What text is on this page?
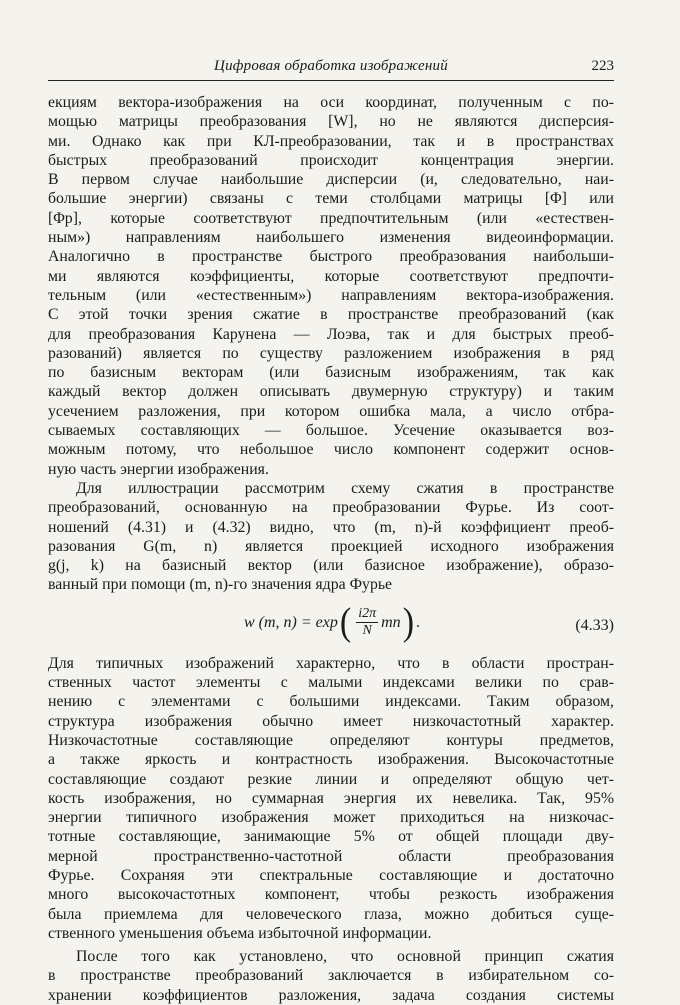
Цифровая обработка изображений	223
екциям вектора-изображения на оси координат, полученным с по-
мощью матрицы преобразования [W], но не являются дисперсия-
ми. Однако как при КЛ-преобразовании, так и в пространствах
быстрых преобразований происходит концентрация энергии.
В первом случае наибольшие дисперсии (и, следовательно, наи-
большие энергии) связаны с теми столбцами матрицы [Φ] или
[Φp], которые соответствуют предпочтительным (или «естествен-
ным») направлениям наибольшего изменения видеоинформации.
Аналогично в пространстве быстрого преобразования наибольши-
ми являются коэффициенты, которые соответствуют предпочти-
тельным (или «естественным») направлениям вектора-изображения.
С этой точки зрения сжатие в пространстве преобразований (как
для преобразования Карунена — Лоэва, так и для быстрых преоб-
разований) является по существу разложением изображения в ряд
по базисным векторам (или базисным изображениям, так как
каждый вектор должен описывать двумерную структуру) и таким
усечением разложения, при котором ошибка мала, а число отбра-
сываемых составляющих — большое. Усечение оказывается воз-
можным потому, что небольшое число компонент содержит основ-
ную часть энергии изображения.
Для иллюстрации рассмотрим схему сжатия в пространстве
преобразований, основанную на преобразовании Фурье. Из соот-
ношений (4.31) и (4.32) видно, что (m, n)-й коэффициент преоб-
разования G(m, n) является проекцией исходного изображения
g(j, k) на базисный вектор (или базисное изображение), образо-
ванный при помощи (m, n)-го значения ядра Фурье
w (m, n) = exp ( $\frac{i2\pi}{N}$ mn ) .	(4.33)
Для типичных изображений характерно, что в области простран-
ственных частот элементы с малыми индексами велики по срав-
нению с элементами с большими индексами. Таким образом,
структура изображения обычно имеет низкочастотный характер.
Низкочастотные составляющие определяют контуры предметов,
а также яркость и контрастность изображения. Высокочастотные
составляющие создают резкие линии и определяют общую чет-
кость изображения, но суммарная энергия их невелика. Так, 95%
энергии типичного изображения может приходиться на низкочас-
тотные составляющие, занимающие 5% от общей площади дву-
мерной пространственно-частотной области преобразования
Фурье. Сохраняя эти спектральные составляющие и достаточно
много высокочастотных компонент, чтобы резкость изображения
была приемлема для человеческого глаза, можно добиться суще-
ственного уменьшения объема избыточной информации.
После того как установлено, что основной принцип сжатия
в пространстве преобразований заключается в избирательном со-
хранении коэффициентов разложения, задача создания системы
